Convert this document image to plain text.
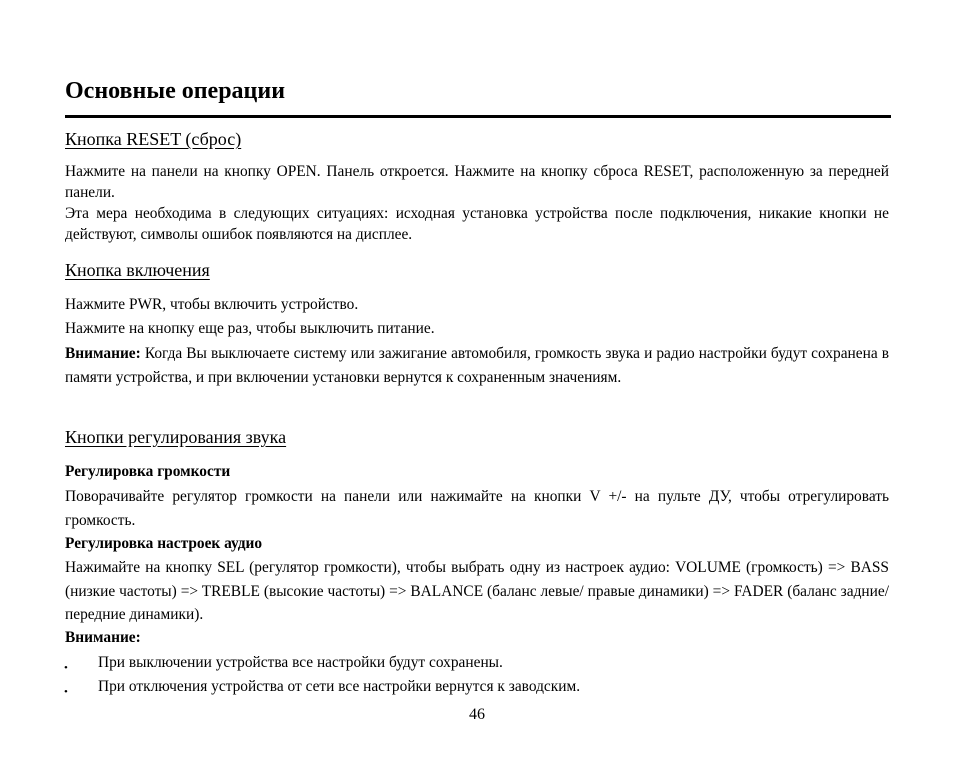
Основные операции
Кнопка RESET (сброс)

Нажмите на панели на кнопку OPEN. Панель откроется. Нажмите на кнопку сброса RESET, расположенную за передней панели.

Эта мера необходима в следующих ситуациях: исходная установка устройства после подключения, никакие кнопки не действуют, символы ошибок появляются на дисплее.

Кнопка включения

Нажмите PWR, чтобы включить устройство.

Нажмите на кнопку еще раз, чтобы выключить питание.

Внимание: Когда Вы выключаете систему или зажигание автомобиля, громкость звука и радио настройки будут сохранена в памяти устройства, и при включении установки вернутся к сохраненным значениям.

Кнопки регулирования звука

Регулировка громкости

Поворачивайте регулятор громкости на панели или нажимайте на кнопки V +/- на пульте ДУ, чтобы отрегулировать громкость.

Регулировка настроек аудио

Нажимайте на кнопку SEL (регулятор громкости), чтобы выбрать одну из настроек аудио: VOLUME (громкость) => BASS (низкие частоты) => TREBLE (высокие частоты) => BALANCE (баланс левые/ правые динамики) => FADER (баланс задние/ передние динамики).

Внимание:

• При выключении устройства все настройки будут сохранены.
• При отключения устройства от сети все настройки вернутся к заводским.
46
